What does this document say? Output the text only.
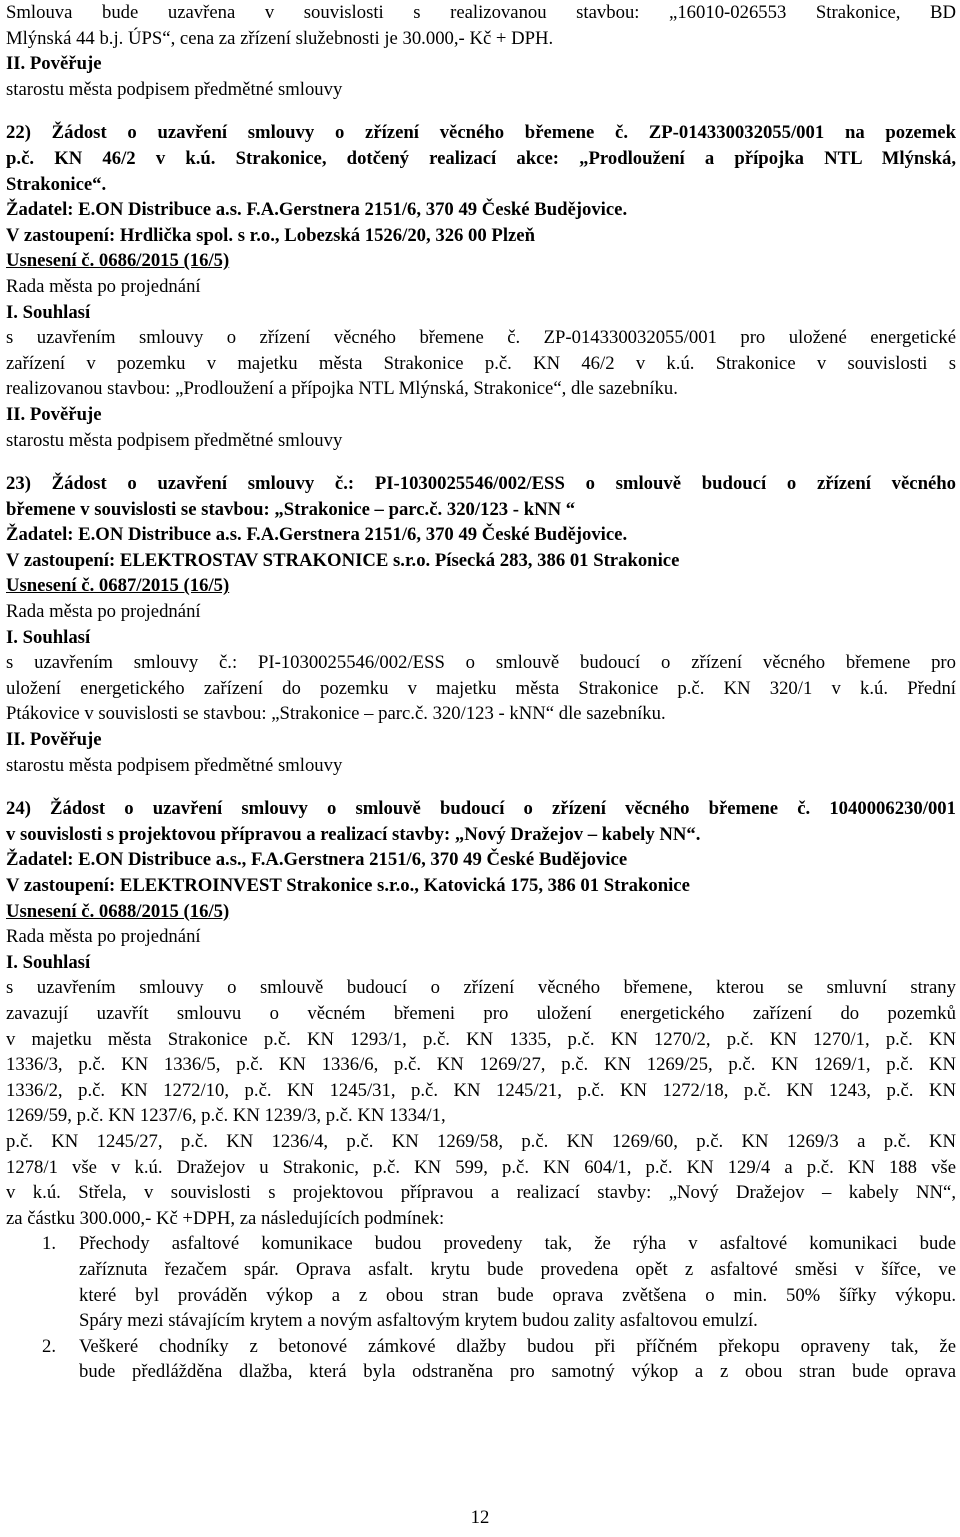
Smlouva bude uzavřena v souvislosti s realizovanou stavbou: „16010-026553 Strakonice, BD

Mlýnská 44 b.j. ÚPS“, cena za zřízení služebnosti je 30.000,- Kč + DPH.

II. Pověřuje

starostu města podpisem předmětné smlouvy

22) Žádost o uzavření smlouvy o zřízení věcného břemene č. ZP-014330032055/001 na pozemek

p.č. KN 46/2 v k.ú. Strakonice, dotčený realizací akce: „Prodloužení a přípojka NTL Mlýnská,

Strakonice“.

Žadatel: E.ON Distribuce a.s. F.A.Gerstnera 2151/6, 370 49 České Budějovice.

V zastoupení: Hrdlička spol. s r.o., Lobezská 1526/20, 326 00 Plzeň

Usnesení č. 0686/2015 (16/5)

Rada města po projednání

I. Souhlasí

s uzavřením smlouvy o zřízení věcného břemene č. ZP-014330032055/001 pro uložené energetické

zařízení v pozemku v majetku města Strakonice p.č. KN 46/2 v k.ú. Strakonice v souvislosti s

realizovanou stavbou: „Prodloužení a přípojka NTL Mlýnská, Strakonice“, dle sazebníku.

II. Pověřuje

starostu města podpisem předmětné smlouvy

23) Žádost o uzavření smlouvy č.: PI-1030025546/002/ESS o smlouvě budoucí o zřízení věcného

břemene v souvislosti se stavbou: „Strakonice – parc.č. 320/123 - kNN “

Žadatel: E.ON Distribuce a.s. F.A.Gerstnera 2151/6, 370 49 České Budějovice.

V zastoupení: ELEKTROSTAV STRAKONICE s.r.o. Písecká 283, 386 01 Strakonice

Usnesení č. 0687/2015 (16/5)

Rada města po projednání

I. Souhlasí

s uzavřením smlouvy č.: PI-1030025546/002/ESS o smlouvě budoucí o zřízení věcného břemene pro

uložení energetického zařízení do pozemku v majetku města Strakonice p.č. KN 320/1 v k.ú. Přední

Ptákovice v souvislosti se stavbou: „Strakonice – parc.č. 320/123 - kNN“ dle sazebníku.

II. Pověřuje

starostu města podpisem předmětné smlouvy

24) Žádost o uzavření smlouvy o smlouvě budoucí o zřízení věcného břemene č. 1040006230/001

v souvislosti s projektovou přípravou a realizací stavby: „Nový Dražejov – kabely NN“.

Žadatel: E.ON Distribuce a.s., F.A.Gerstnera 2151/6, 370 49 České Budějovice

V zastoupení: ELEKTROINVEST Strakonice s.r.o., Katovická 175, 386 01 Strakonice

Usnesení č. 0688/2015 (16/5)

Rada města po projednání

I. Souhlasí

s uzavřením smlouvy o smlouvě budoucí o zřízení věcného břemene, kterou se smluvní strany

zavazují uzavřít smlouvu o věcném břemeni pro uložení energetického zařízení do pozemků

v majetku města Strakonice p.č. KN 1293/1, p.č. KN 1335, p.č. KN 1270/2, p.č. KN 1270/1, p.č. KN

1336/3, p.č. KN 1336/5, p.č. KN 1336/6, p.č. KN 1269/27, p.č. KN 1269/25, p.č. KN 1269/1, p.č. KN

1336/2, p.č. KN 1272/10, p.č. KN 1245/31, p.č. KN 1245/21, p.č. KN 1272/18, p.č. KN 1243, p.č. KN

1269/59, p.č. KN 1237/6, p.č. KN 1239/3, p.č. KN 1334/1,

p.č. KN 1245/27, p.č. KN 1236/4, p.č. KN 1269/58, p.č. KN 1269/60, p.č. KN 1269/3 a p.č. KN

1278/1 vše v k.ú. Dražejov u Strakonic, p.č. KN 599, p.č. KN 604/1, p.č. KN 129/4 a p.č. KN 188 vše

v k.ú. Střela, v souvislosti s projektovou přípravou a realizací stavby: „Nový Dražejov – kabely NN“,

za částku 300.000,- Kč +DPH, za následujících podmínek:

1. Přechody asfaltové komunikace budou provedeny tak, že rýha v asfaltové komunikaci bude
zaříznuta řezačem spár. Oprava asfalt. krytu bude provedena opět z asfaltové směsi v šířce, ve
které byl prováděn výkop a z obou stran bude oprava zvětšena o min. 50% šířky výkopu.
Spáry mezi stávajícím krytem a novým asfaltovým krytem budou zality asfaltovou emulzí.
2. Veškeré chodníky z betonové zámkové dlažby budou při příčném překopu opraveny tak, že
bude předlážděna dlažba, která byla odstraněna pro samotný výkop a z obou stran bude oprava
12
